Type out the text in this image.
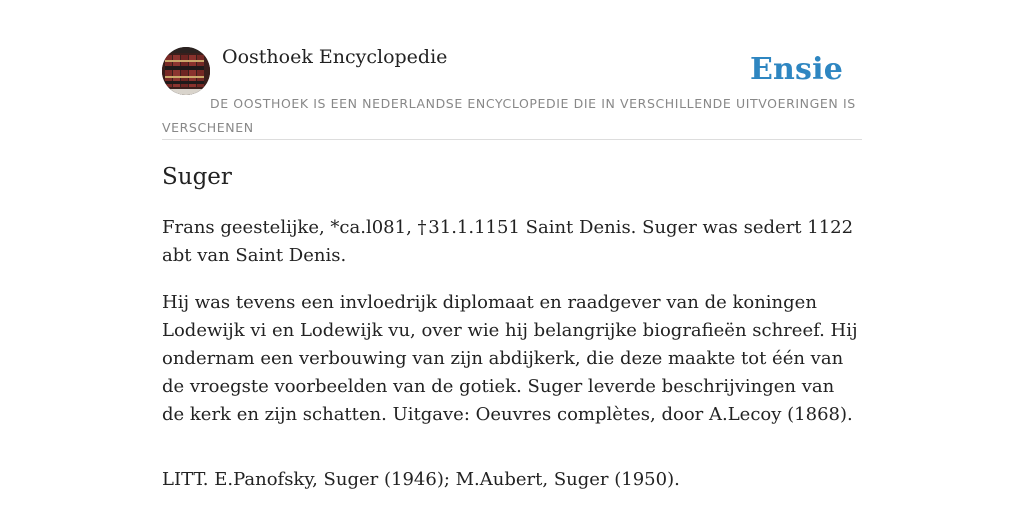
Oosthoek Encyclopedie	Ensie
DE OOSTHOEK IS EEN NEDERLANDSE ENCYCLOPEDIE DIE IN VERSCHILLENDE UITVOERINGEN IS VERSCHENEN
Suger

Frans geestelijke, *ca.l081, † 31.1.1151 Saint Denis. Suger was sedert 1122 abt van Saint Denis.

Hij was tevens een invloedrijk diplomaat en raadgever van de koningen Lodewijk vi en Lodewijk vu, over wie hij belangrijke biografieën schreef. Hij ondernam een verbouwing van zijn abdijkerk, die deze maakte tot één van de vroegste voorbeelden van de gotiek. Suger leverde beschrijvingen van de kerk en zijn schatten. Uitgave: Oeuvres complètes, door A.Lecoy (1868).

LITT. E.Panofsky, Suger (1946); M.Aubert, Suger (1950).
